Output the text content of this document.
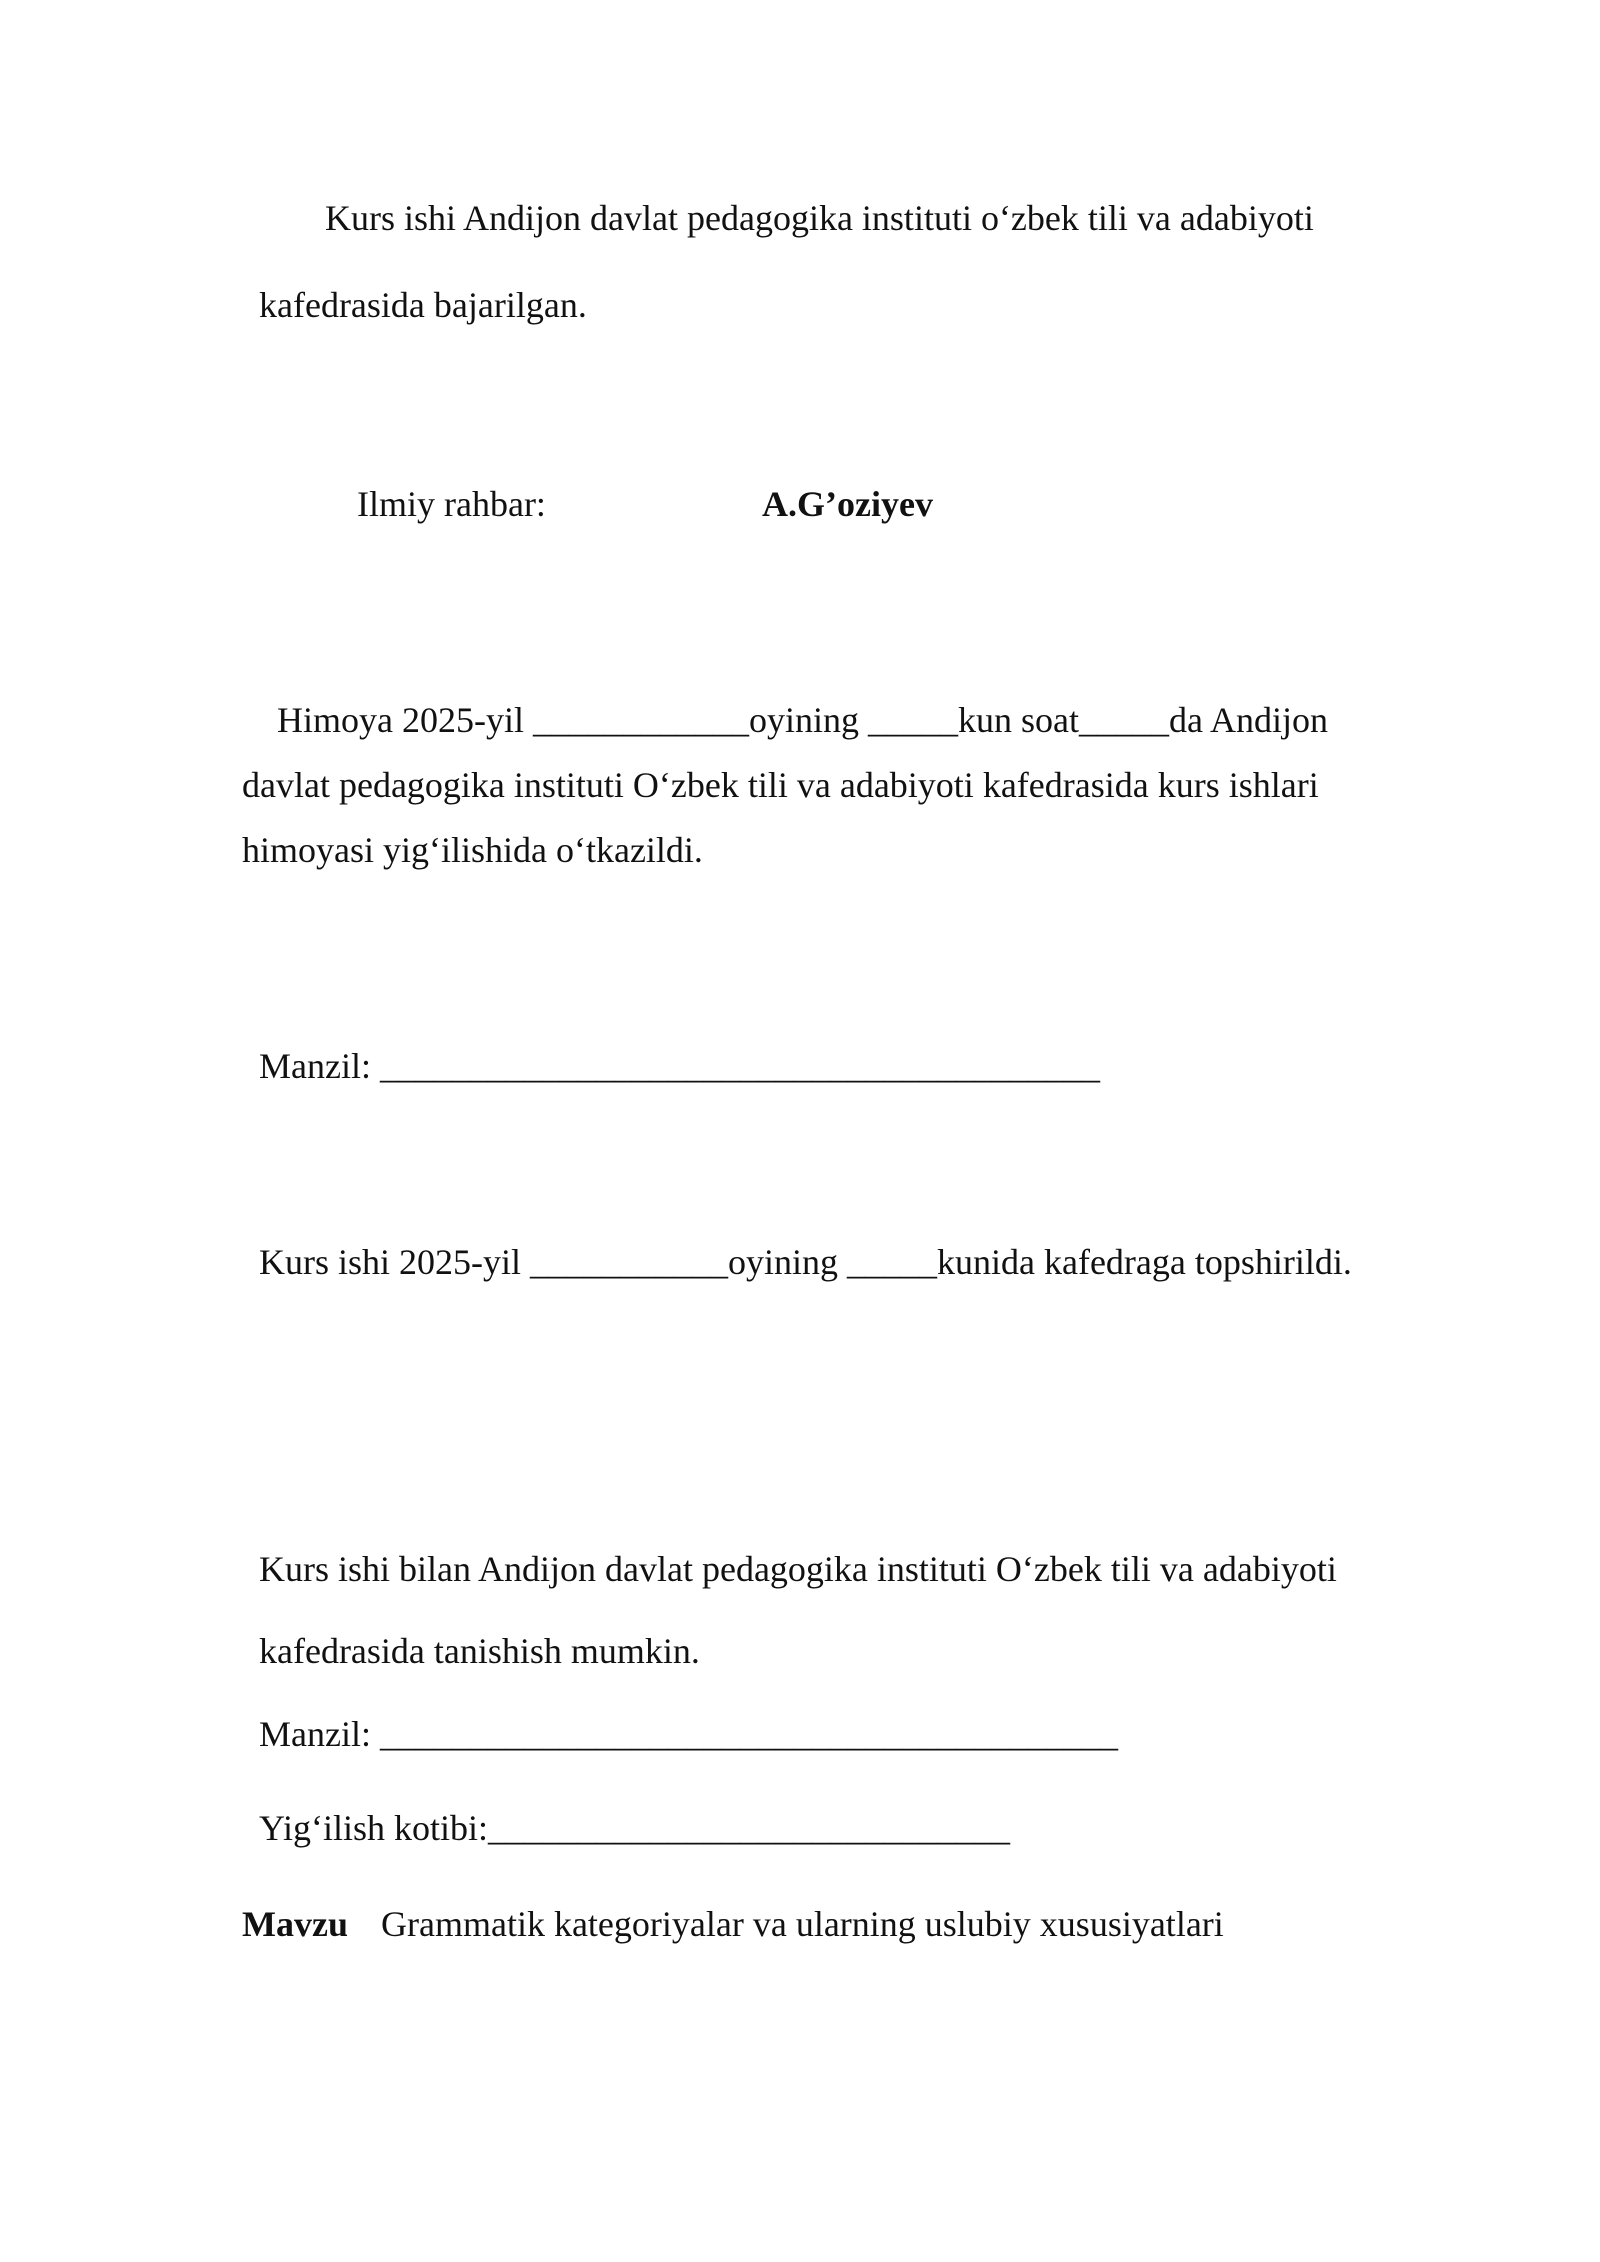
Kurs ishi Andijon davlat pedagogika instituti o‘zbek tili va adabiyoti
kafedrasida bajarilgan.
Ilmiy rahbar:	A.G’oziyev
Himoya 2025-yil ____________oyining _____kun soat_____da Andijon
davlat pedagogika instituti O‘zbek tili va adabiyoti kafedrasida kurs ishlari
himoyasi yig‘ilishida o‘tkazildi.
Manzil: ________________________________________
Kurs ishi 2025-yil ___________oyining _____kunida kafedraga topshirildi.
Kurs ishi bilan Andijon davlat pedagogika instituti O‘zbek tili va adabiyoti
kafedrasida tanishish mumkin.
Manzil: _________________________________________
Yig‘ilish kotibi:_____________________________
Mavzu Grammatik kategoriyalar va ularning uslubiy xususiyatlari
